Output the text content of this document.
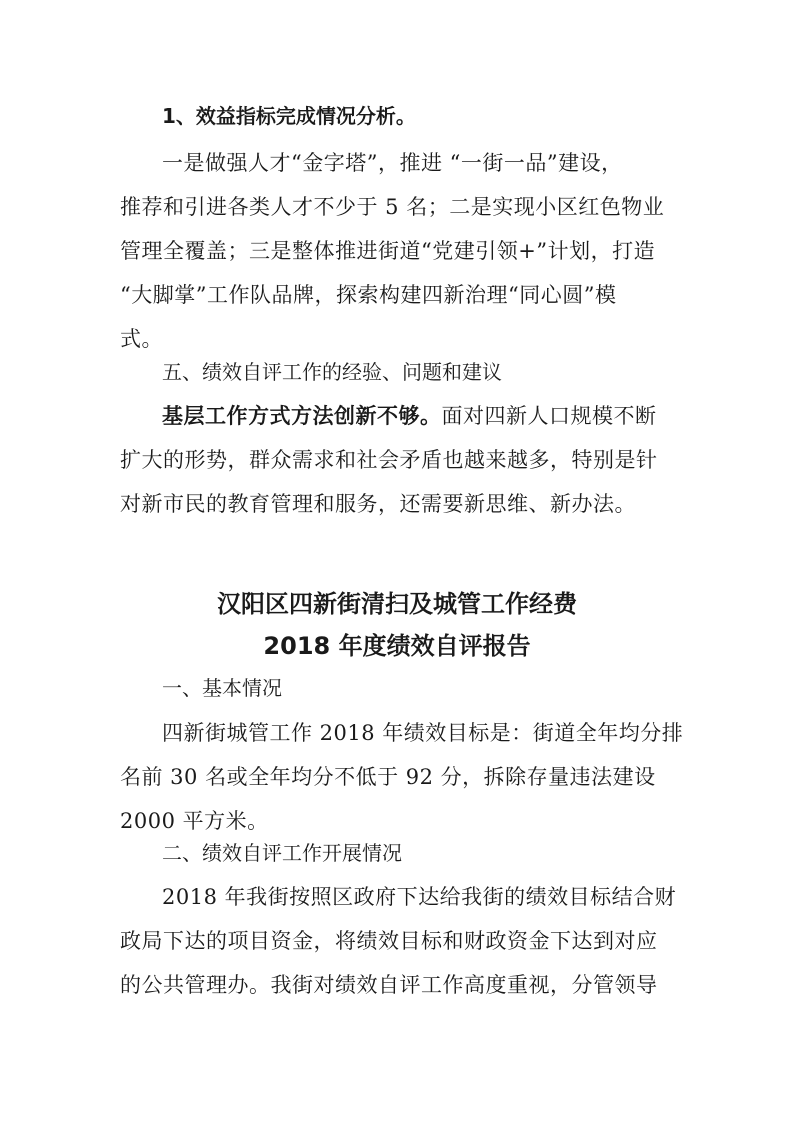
1、效益指标完成情况分析。
一是做强人才“金字塔”，推进 “一街一品”建设，
推荐和引进各类人才不少于 5 名；二是实现小区红色物业
管理全覆盖；三是整体推进街道“党建引领+”计划，打造
“大脚掌”工作队品牌，探索构建四新治理“同心圆”模
式。
五、绩效自评工作的经验、问题和建议
基层工作方式方法创新不够。面对四新人口规模不断
扩大的形势，群众需求和社会矛盾也越来越多，特别是针
对新市民的教育管理和服务，还需要新思维、新办法。
汉阳区四新街清扫及城管工作经费
2018 年度绩效自评报告
一、基本情况
四新街城管工作 2018 年绩效目标是：街道全年均分排
名前 30 名或全年均分不低于 92 分，拆除存量违法建设
2000 平方米。
二、绩效自评工作开展情况
2018 年我街按照区政府下达给我街的绩效目标结合财
政局下达的项目资金，将绩效目标和财政资金下达到对应
的公共管理办。我街对绩效自评工作高度重视，分管领导
